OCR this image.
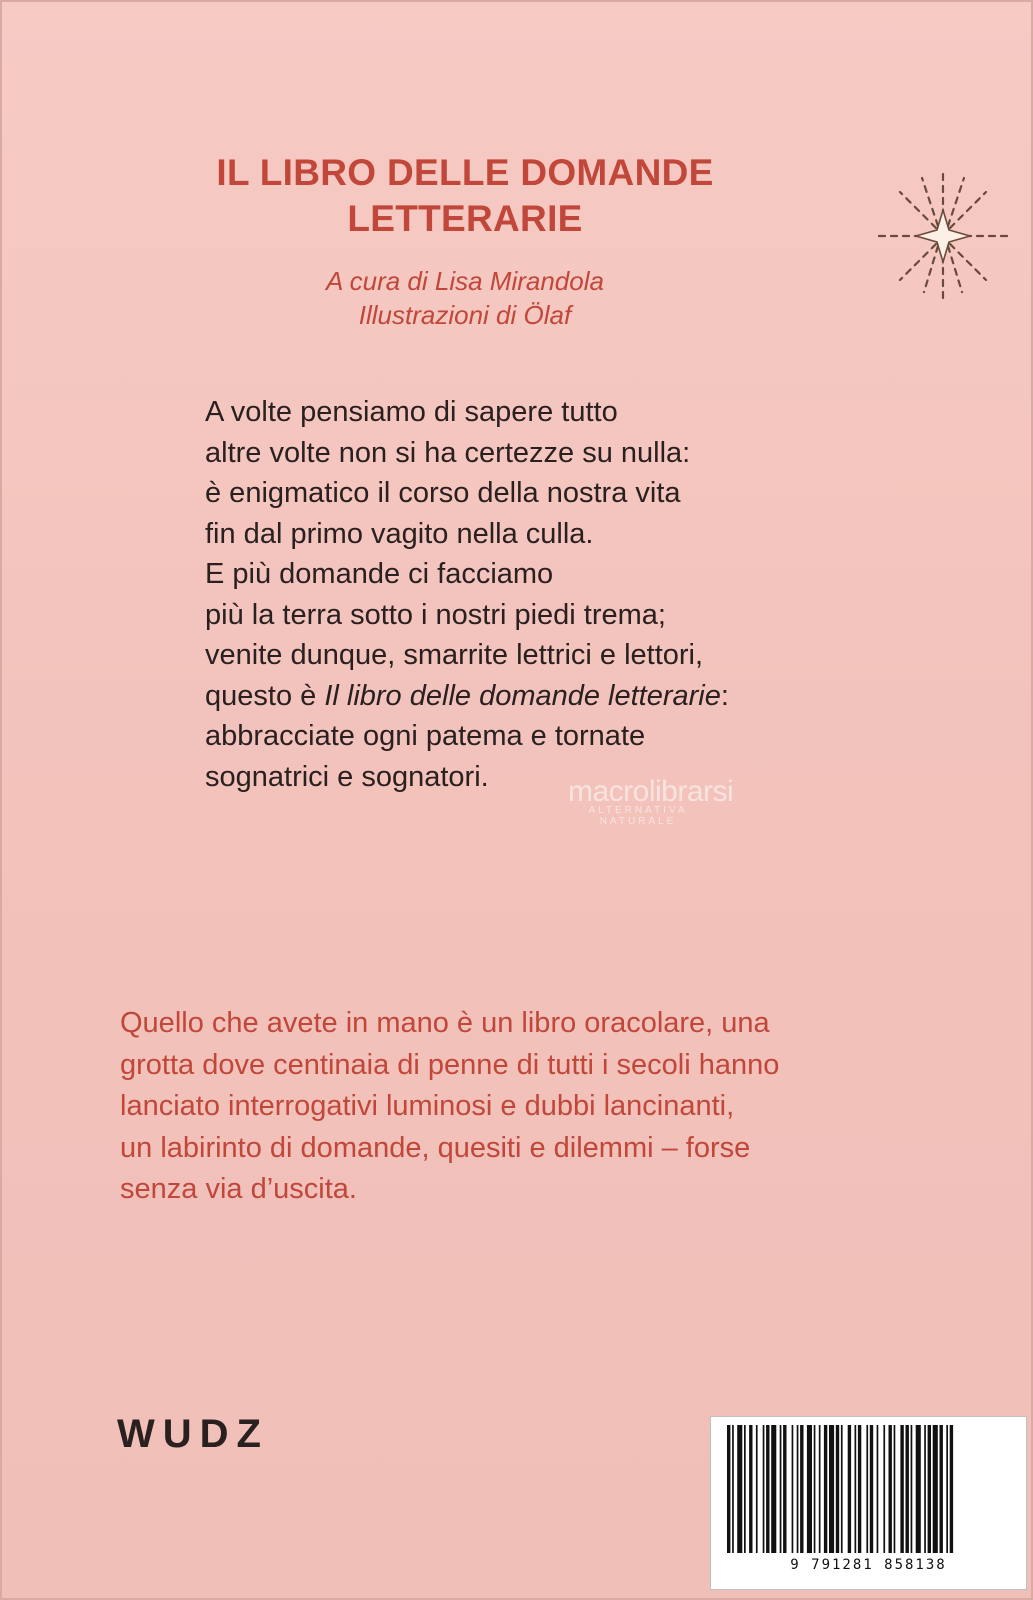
IL LIBRO DELLE DOMANDE
LETTERARIE
A cura di Lisa Mirandola
Illustrazioni di Ölaf
A volte pensiamo di sapere tutto
altre volte non si ha certezze su nulla:
è enigmatico il corso della nostra vita
fin dal primo vagito nella culla.
E più domande ci facciamo
più la terra sotto i nostri piedi trema;
venite dunque, smarrite lettrici e lettori,
questo è Il libro delle domande letterarie:
abbracciate ogni patema e tornate
sognatrici e sognatori.	macrolibrarsi
ALTERNATIVA NATURALE
Quello che avete in mano è un libro oracolare, una
grotta dove centinaia di penne di tutti i secoli hanno
lanciato interrogativi luminosi e dubbi lancinanti,
un labirinto di domande, quesiti e dilemmi – forse
senza via d’uscita.
WUDZ
9 791281 858138
